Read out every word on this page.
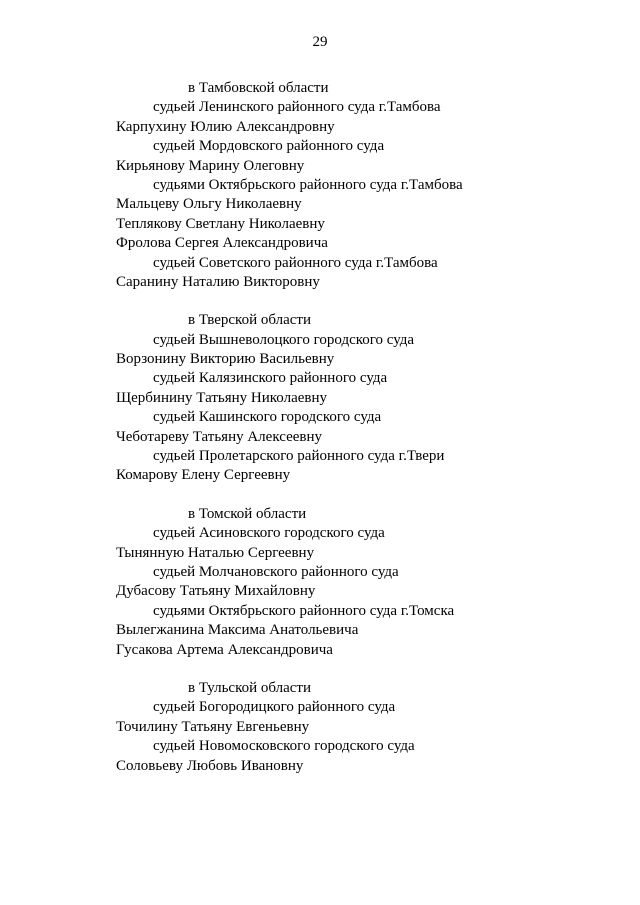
29
в Тамбовской области
судьей Ленинского районного суда г.Тамбова
Карпухину Юлию Александровну
судьей Мордовского районного суда
Кирьянову Марину Олеговну
судьями Октябрьского районного суда г.Тамбова
Мальцеву Ольгу Николаевну
Теплякову Светлану Николаевну
Фролова Сергея Александровича
судьей Советского районного суда г.Тамбова
Саранину Наталию Викторовну
в Тверской области
судьей Вышневолоцкого городского суда
Ворзонину Викторию Васильевну
судьей Калязинского районного суда
Щербинину Татьяну Николаевну
судьей Кашинского городского суда
Чеботареву Татьяну Алексеевну
судьей Пролетарского районного суда г.Твери
Комарову Елену Сергеевну
в Томской области
судьей Асиновского городского суда
Тынянную Наталью Сергеевну
судьей Молчановского районного суда
Дубасову Татьяну Михайловну
судьями Октябрьского районного суда г.Томска
Вылегжанина Максима Анатольевича
Гусакова Артема Александровича
в Тульской области
судьей Богородицкого районного суда
Точилину Татьяну Евгеньевну
судьей Новомосковского городского суда
Соловьеву Любовь Ивановну
